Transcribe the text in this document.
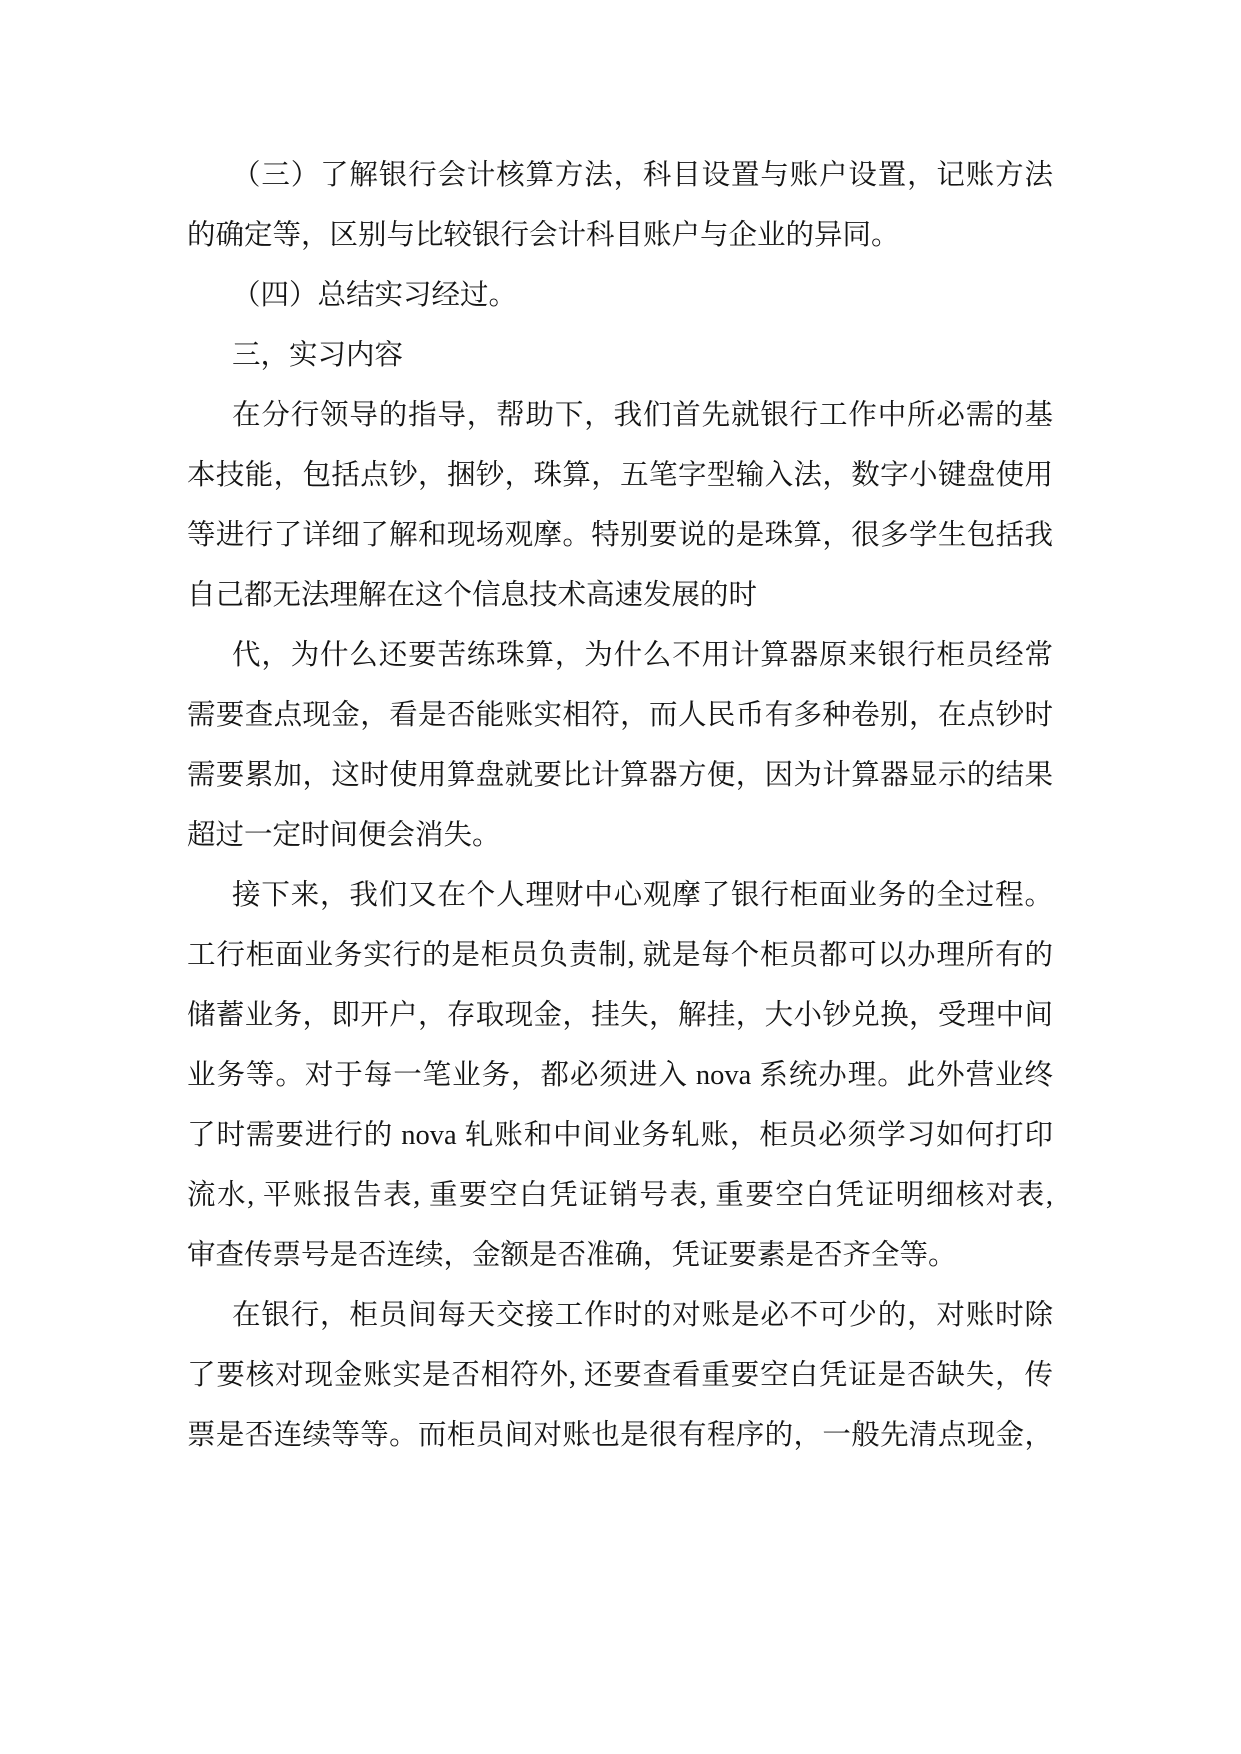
（三）了解银行会计核算方法，科目设置与账户设置，记账方法
的确定等，区别与比较银行会计科目账户与企业的异同。
（四）总结实习经过。
三，实习内容
在分行领导的指导，帮助下，我们首先就银行工作中所必需的基
本技能，包括点钞，捆钞，珠算，五笔字型输入法，数字小键盘使用
等进行了详细了解和现场观摩。特别要说的是珠算，很多学生包括我
自己都无法理解在这个信息技术高速发展的时
代，为什么还要苦练珠算，为什么不用计算器原来银行柜员经常
需要查点现金，看是否能账实相符，而人民币有多种卷别，在点钞时
需要累加，这时使用算盘就要比计算器方便，因为计算器显示的结果
超过一定时间便会消失。
接下来，我们又在个人理财中心观摩了银行柜面业务的全过程。
工行柜面业务实行的是柜员负责制, 就是每个柜员都可以办理所有的
储蓄业务，即开户，存取现金，挂失，解挂，大小钞兑换，受理中间
业务等。对于每一笔业务，都必须进入 nova 系统办理。此外营业终
了时需要进行的 nova 轧账和中间业务轧账，柜员必须学习如何打印
流水, 平账报告表, 重要空白凭证销号表, 重要空白凭证明细核对表,
审查传票号是否连续，金额是否准确，凭证要素是否齐全等。
在银行，柜员间每天交接工作时的对账是必不可少的，对账时除
了要核对现金账实是否相符外, 还要查看重要空白凭证是否缺失，传
票是否连续等等。而柜员间对账也是很有程序的，一般先清点现金，
